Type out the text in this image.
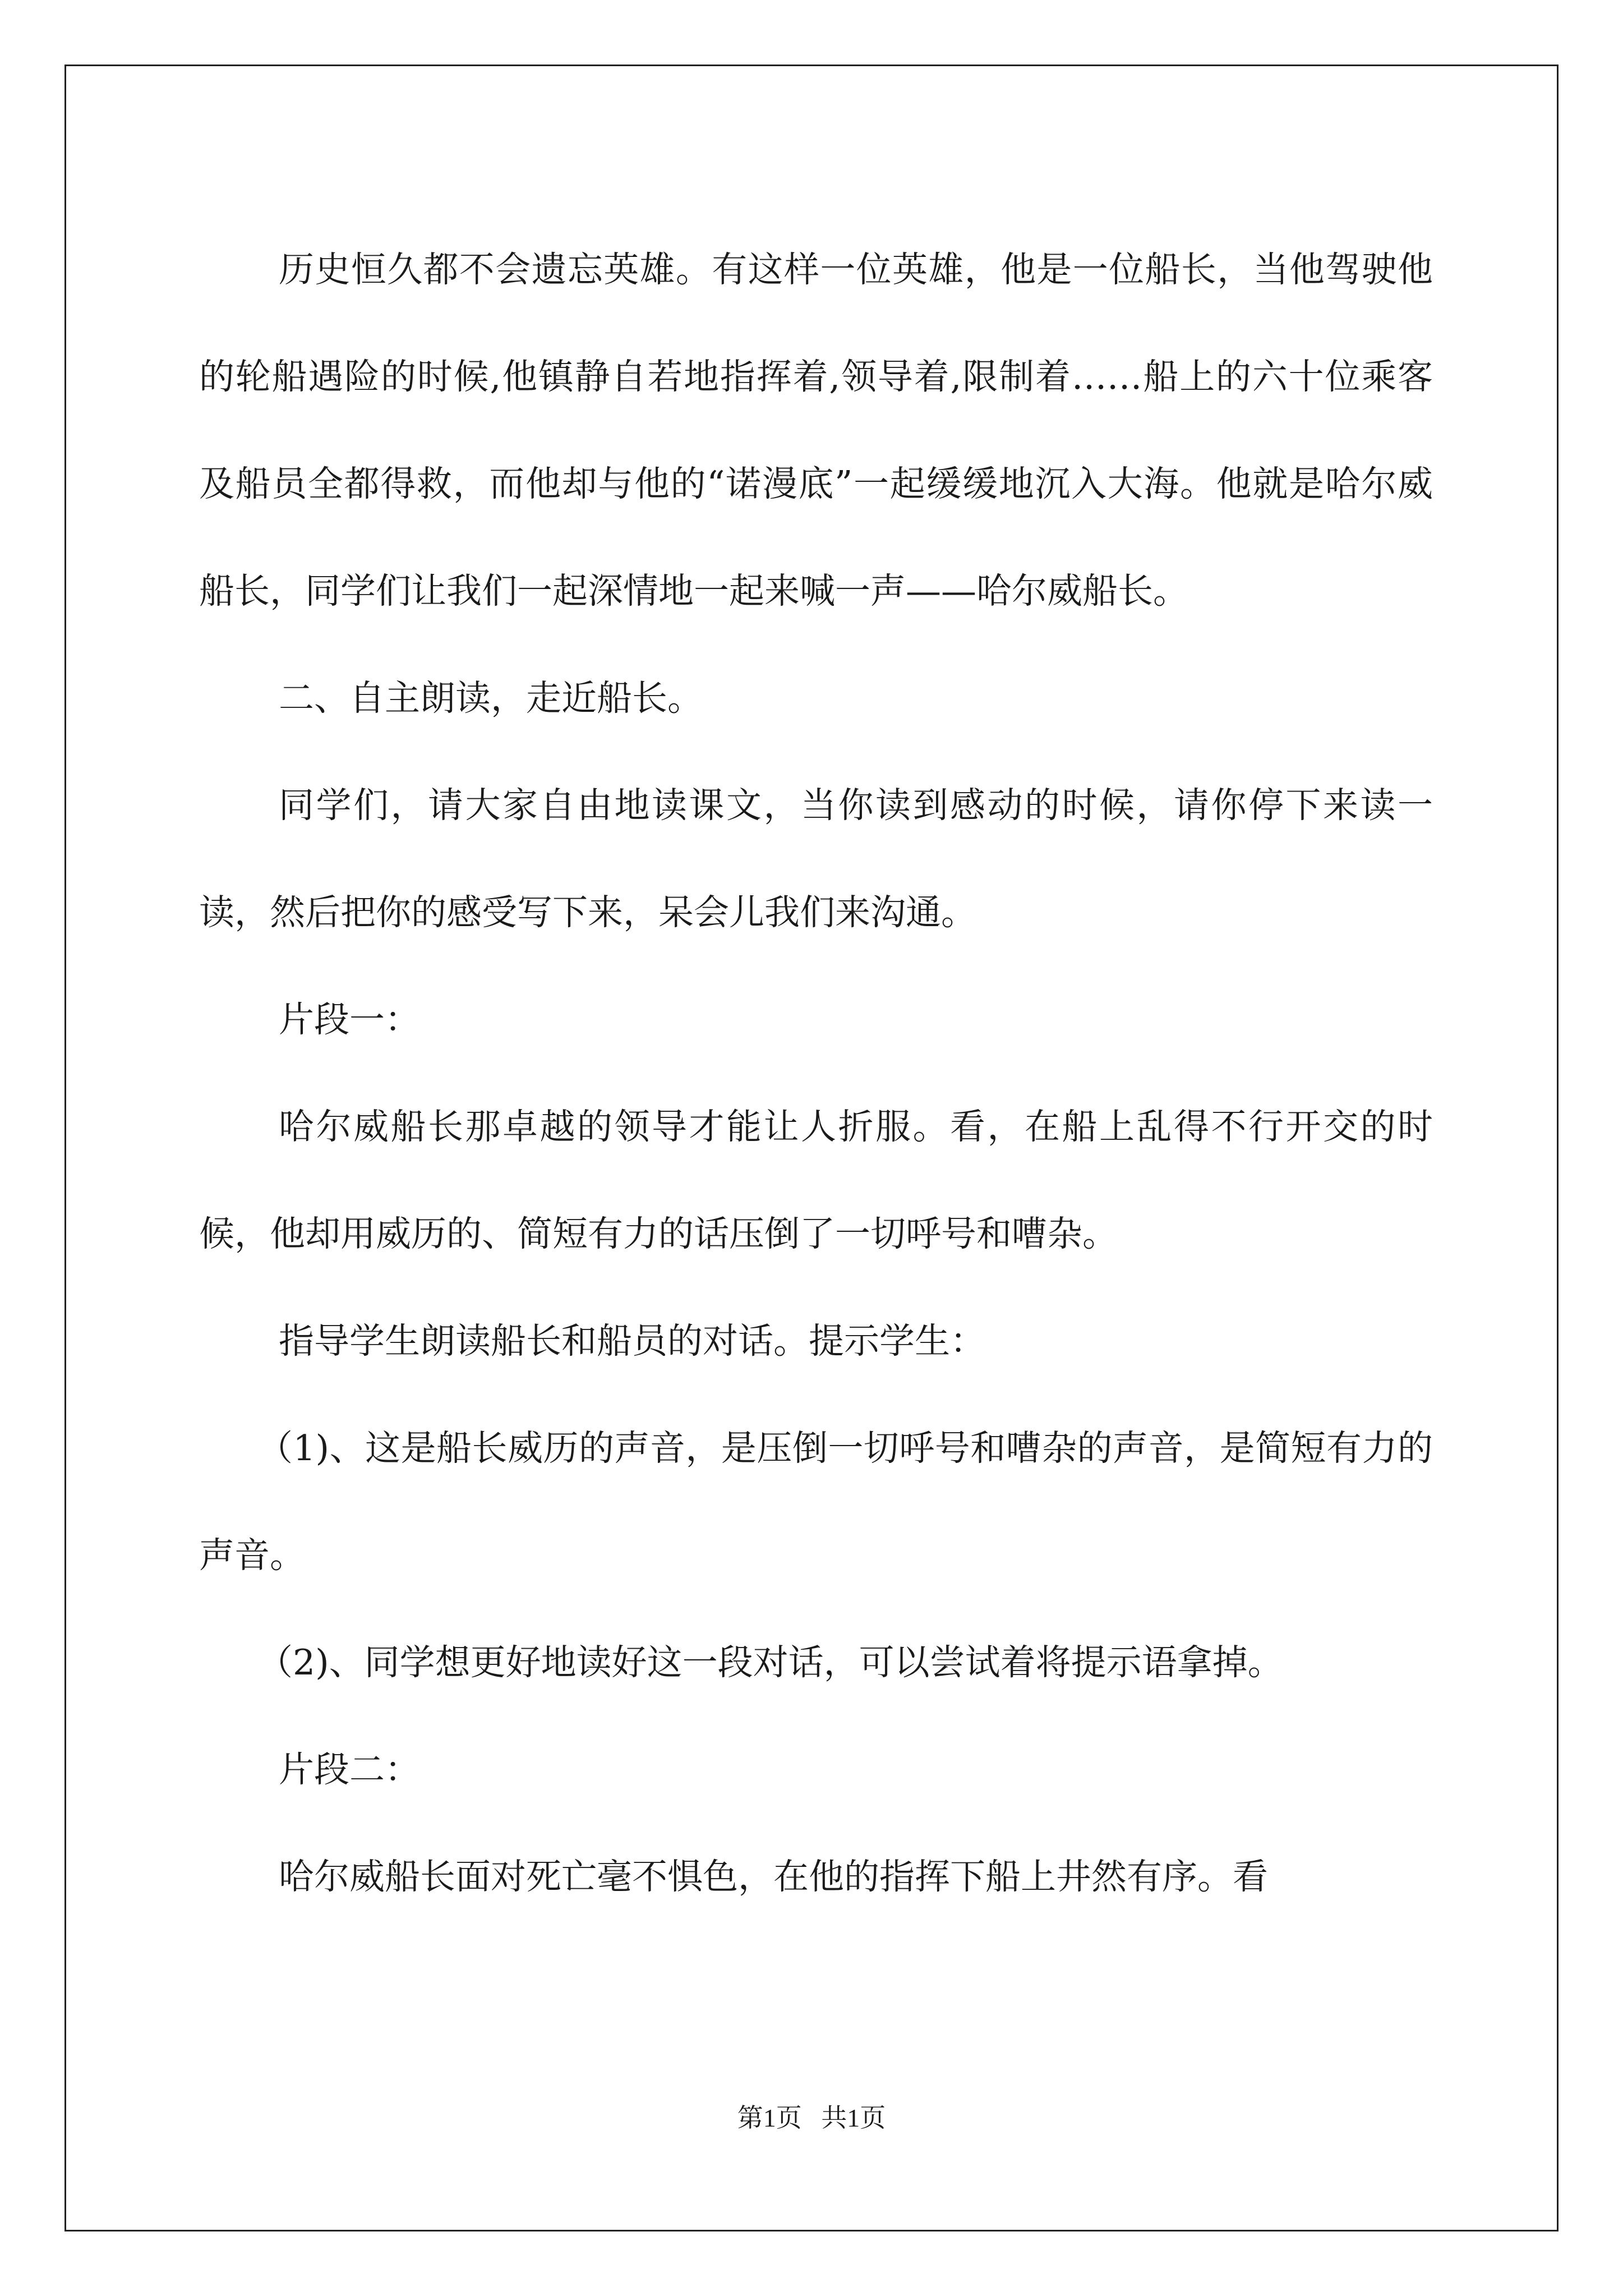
历史恒久都不会遗忘英雄。有这样一位英雄，他是一位船长，当他驾驶他的轮船遇险的时候,他镇静自若地指挥着,领导着,限制着……船上的六十位乘客及船员全都得救，而他却与他的“诺漫底”一起缓缓地沉入大海。他就是哈尔威船长，同学们让我们一起深情地一起来喊一声——哈尔威船长。

二、自主朗读，走近船长。

同学们，请大家自由地读课文，当你读到感动的时候，请你停下来读一读，然后把你的感受写下来，呆会儿我们来沟通。

片段一：

哈尔威船长那卓越的领导才能让人折服。看，在船上乱得不行开交的时候，他却用威历的、简短有力的话压倒了一切呼号和嘈杂。

指导学生朗读船长和船员的对话。提示学生：

（1)、这是船长威历的声音，是压倒一切呼号和嘈杂的声音，是简短有力的声音。

（2)、同学想更好地读好这一段对话，可以尝试着将提示语拿掉。

片段二：

哈尔威船长面对死亡毫不惧色，在他的指挥下船上井然有序。看

第1页 共1页
